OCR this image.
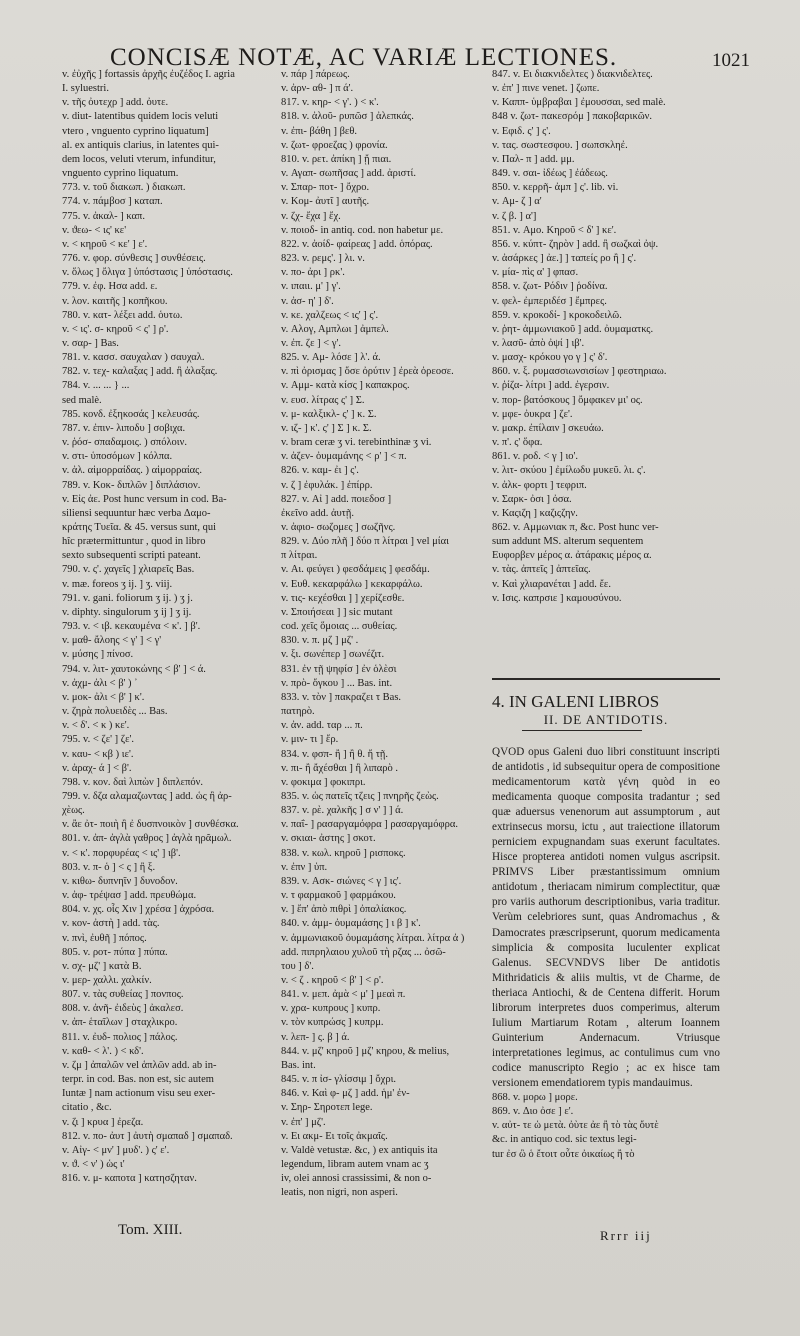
CONCISÆ NOTÆ, AC VARIÆ LECTIONES.	1021
v. ἐὐχῆς ] fortassis ἀρχῆς ἐυζέδος I. agria
I. syluestri.
v. τῆς ὀυτεχρ ] add. ὀυτε.
v. diut- latentibus quidem locis veluti
vtero , vnguento cyprino liquatum]
al. ex antiquis clarius, in latentes qui-
dem locos, veluti vterum, infunditur,
vnguento cyprino liquatum.
773. v. τοῦ διακωπ. ) διακωπ.
774. v. πάμβοσ ] καταπ.
775. v. ἀκαλ- ] καπ.
v. ϑεω- < ις' κε'
v. < κηροῦ < κε' ] ε'.
776. v. φορ. σύνθεσις ] συνθέσεις.
v. ὅλως ] ὄλιγα ] ὑπόστασις ] ὑπόστασις.
779. v. ἐφ. Ησα add. ε.
v. λον. καιτῆς ] κοπῆκου.
780. v. κατ- λέξει add. ὁυτω.
v. < ις'. σ- κηροῦ < ς' ] ρ'.
v. σαρ- ] Bas.
781. v. κασσ. σαυχαλαν ) σαυχαλ.
782. v. τεχ- καλαξας ] add. ἢ ἀλαξας.
784. v. ... ... } ...
sed malè.
785. κονδ. ἐξηκοσάς ] κελευσάς.
787. v. ἐπιν- λιποδυ ] σοβιχα.
v. ῥόσ- σπαδαμοις. ) σπόλοιν.
v. στι- ὑποσόμων ] κόλπα.
v. ἀλ. αἱμορραίδας. ) αἱμορραίας.
789. v. Κοκ- διπλῶν ] διπλάσιον.
v. Εἰς ἀε. Post hunc versum in cod. Ba-
siliensi sequuntur hæc verba Δαμο-
κράτης Τυεῖα. & 45. versus sunt, qui
hîc prætermittuntur , quod in libro
sexto subsequenti scripti pateant.
790. v. ς'. χαγεῖς ] χλιαρεῖς Bas.
v. mæ. foreos ʒ ij. ] ʒ. viij.
791. v. gani. foliorum ʒ ij. ) ʒ j.
v. diphty. singulorum ʒ ij ] ʒ ij.
793. v. < ιβ. κεκαυμένα < κ'. ] β'.
v. μαθ- ἄλοης < γ' ] < γ'
v. μύσης ] πίνοσ.
794. v. λιτ- χαυτοκώνης < β' ] < ά.
v. ἀχμ- ἀλι < β' ) ᾽
v. μοκ- ἀλι < β' ] κ'.
v. ζηρὰ πολυειδὲς ... Bas.
v. < δ'. < κ ) κε'.
795. v. < ζε' ] ζε'.
v. καυ- < κβ ) ιε'.
v. ἀραχ- ά ] < β'.
798. v. κον. δαὶ λιπὼν ] διπλεπόν.
799. v. δζα αλαμαζωντας ] add. ὡς ἢ ἀρ-
χὲως.
v. ἂε ὀτ- ποιὴ ἢ ἐ δυσπνοικὸν ] συνθέσκα.
801. v. ἀπ- ἀγλὰ γαθρος ] ἀγλὰ ηρᾶμωλ.
v. < κ'. πορφυρέας < ις' ] ιβ'.
803. v. π- ὁ ] < ς ] ἢ ξ.
v. κιθω- δυπνηῖν ] δυνοδον.
v. ἀφ- τρέψασ ] add. πρευθώμα.
804. v. χς. οἷς Χιν ] χρέσα ] ἀχρόσα.
v. κον- ἀστὴ ] add. τὰς.
v. πνὶ, ἐυθῆ ] πόπος.
805. v. ροτ- πύπα ] πύπα.
v. σχ- μζ' ] κατὰ Β.
v. μερ- χαλλι. χαλκίν.
807. v. τὰς συθείας ] πονπος.
808. v. ἀνῆ- ἐιδεὺς ] ἀκαλεσ.
v. ἀπ- ἑταῖλων ] σταχλικρο.
811. v. ἐυδ- πολιος ] πάλος.
v. καθ- < λ'. ) < κδ'.
v. ζμ ] ἀπαλῶν vel ἁπλῶν add. ab in-
terpr. in cod. Bas. non est, sic autem
Iuntæ ] nam actionum visu seu exer-
citatio , &c.
v. ζι ] κρυα ] ἐρεζα.
812. v. πο- ἀυτ ] ἀυτὴ σμαπαδ ] σμαπαδ.
v. Αἰγ- < μν' ] μυδ'. ) ς' ε'.
v. ϑ. < ν' ) ὡς ι'
816. v. μ- καποτα ] κατησζηταν.
v. πάρ ] πάρεως.
v. ἀρν- αθ- ] π ά'.
817. v. κηρ- < γ'. ) < κ'.
818. v. ἀλοῦ- ρυπῶσ ] ἀλεπκάς.
v. ἐπι- βάθη ] βεθ.
v. ζωτ- φροεζας ) φρονία.
810. v. ρετ. ἀπίκη ] ᾔ πιαι.
v. Αγαπ- σωπῆσας ] add. ἀριστί.
v. Σπαρ- ποτ- ] ὄχρο.
v. Κομ- ἀυτῖ ] αυτῆς.
v. ζχ- ἔχα ] ἔχ.
v. ποιοδ- in antiq. cod. non habetur με.
822. v. ἀοίδ- φαίρεας ] add. ὁπόρας.
823. v. ρεμς'. ] λι. ν.
v. πο- ἀρι ] ρκ'.
v. ιπαιι. μ' ] γ'.
v. ἀσ- η' ] δ'.
v. κε. χαλζεως < ις' ] ς'.
v. Αλογ, Αμπλωι ] ἀμπελ.
v. ἐπ. ζε ] < γ'.
825. v. Αμ- λόσε ] λ'. ά.
v. πὶ ὀρισμας ] ὅσε ὀρύτιν ] ἐρεὰ ὀρεοσε.
v. Αμμ- κατὰ κίσς ] καπακρος.
v. ευσ. λίτρας ς' ] Σ.
v. μ- καλξικλ- ς' ] κ. Σ.
v. ιζ- ] κ'. ς' ] Σ ] κ. Σ.
v. bram ceræ ʒ vi. terebinthinæ ʒ vi.
v. ἀζεν- ὀυμαμάνης < ρ' ] < π.
826. v. καμ- ἐι ] ς'.
v. ζ ] ἐφυλάκ. ] ἐπίρρ.
827. v. Αἰ ] add. ποιεδοσ ]
ἐκεῖνο add. ἀυτῇ.
v. ἀφιο- σωζομες ] σωζῆνς.
829. v. Δύο πλῆ ] δύο π λίτραι ] vel μίαι
π λίτραι.
v. Αι. φεύγει ) φεσδάμεις ] φεσδάμ.
v. Ευθ. κεκαρφάλω ] κεκαρφάλω.
v. τις- κεχέσθαι ] ] χερίζεσθε.
v. Σποιήσεαι ] ] sic mutant
cod. χεῖς ὅμοιας ... συθείας.
830. v. π. μζ ] μζ' .
v. ξι. σωνέπερ ] σωνέζιτ.
831. ἐν τῇ ψηφίσ ] ἐν ὁλὲσι
v. πρὸ- ὄγκου ] ... Bas. int.
833. v. τὸν ] πακραζει τ Bas.
πατηρὸ.
v. ἀν. add. ταρ ... π.
v. μιν- τι ] ἔρ.
834. v. φσπ- ἢ ] ἢ θ. ἤ τῇ.
v. πι- ἢ ἄχέσθαι ] ἢ λιπαρὸ .
v. φοκιμα ] φοκιπρι.
835. v. ὡς πατεῖς τζεις ] πνηρῆς ζεὼς.
837. v. ρὲ. χαλκῆς ] σ ν' ] ] ά.
v. παΐ- ] ρασαργαμόφρα ] ρασαργαμόφρα.
v. σκιαι- ἀστης ] σκοτ.
838. v. κωλ. κηροῦ ] ρισποκς.
v. ἐπν ] ὑπ.
839. v. Ασκ- σιώνες < γ ] ις'.
v. τ φαρμακοῦ ] φαρμάκου.
v. ] ἔπ' ἀπὸ πιθρὶ ] ὀπαλίακος.
840. v. ἀμμ- ὀυμαμάσης ] ι β ] κ'.
v. ἀμμωνιακοῦ ὀυμαμάσης λίτραι. λίτρα ἀ )
add. πιπρηλαιου χυλοῦ τὴ ρζας ... ὀσῶ-
του ] δ'.
v. < ζ . κηροῦ < β' ] < ρ'.
841. v. μεπ. ἀμὰ < μ' ] μεαὶ π.
v. χρα- κυπρους ] κυπρ.
v. τὸν κυπρώσς ] κυπρμ.
v. λεπ- ] ς. β ] ά.
844. v. μζ' κηροῦ ] μζ' κηρου, & melius,
Bas. int.
845. v. π ἰσ- γλίσσιμ ] ὄχρι.
846. v. Καὶ φ- μζ ] add. ἡμ' ἐν-
v. Σηρ- Σηροτεπ lege.
v. ἐπ' ] μζ'.
v. Ει ακμ- Ει τοῖς ἀκμαῖς.
v. Valdè vetustæ. &c, ) ex antiquis ita
legendum, libram autem vnam ac ʒ
iv, olei annosi crassissimi, & non o-
leatis, non nigri, non asperi.
847. v. Ει διακνιδελτες ) διακνιδελτες.
v. ἐπ' ] πινε venet. ] ζωπε.
v. Καππ- ὑμβραβαι ] ἐμουσσαι, sed malè.
848 v. ζωτ- πακεσρόμ ] πακοβαρικῶν.
v. Εφιδ. ς' ] ς'.
v. τας. σωστεσφου. ] σωπσκληἐ.
v. Παλ- π ] add. μμ.
849. v. σαι- ἰδέως ] ἐάδεως.
850. v. κερρῆ- ἀμπ ] ς'. lib. vi.
v. Αμ- ζ ] α'
v. ζ β. ] α']
851. v. Αμο. Κηροῦ < δ' ] κε'.
856. v. κύπτ- ζηρὸν ] add. ἢ σωζκαὶ ὀψ.
v. ἀσάρκες ] ἀε.] ] ταπείς ρο ἢ ] ς'.
v. μία- πὶς α' ] φπασ.
858. v. ζωτ- Ρόδιν ] ῥοδίνα.
v. φελ- ἐμπεριδέσ ] ἔμπρες.
859. v. κροκοδί- ] κροκοδειλῶ.
v. ῥητ- ἀμμωνιακοῦ ] add. ὀυμαματκς.
v. λασῦ- ἀπὸ ὀψί ] ιβ'.
v. μασχ- κρόκου γο γ ] ς' δ'.
860. v. ξ. ρυμασσιωνσισίων ] φεστηριαω.
v. ῥίζα- λίτρι ] add. ἐγερσιν.
v. πορ- βατόσκους ] ὄμφακεν μι' ος.
v. μφε- ὀυκρα ] ζε'.
v. μακρ. ἐπίλαιν ] σκευάω.
v. π'. ς' ὅφα.
861. v. ροδ. < γ ] ιο'.
v. λιτ- σκύου ] ἐμίλωδυ μυκεῦ. λι. ς'.
v. ἀλκ- φορτι ] τεφριπ.
v. Σαρκ- ὀσι ] ὀσα.
v. Καςιζη ] καζιςζην.
862. v. Αμμωνιακ π, &c. Post hunc ver-
sum addunt MS. alterum sequentem
Ευφορβεν μέρος α. ἀτάρακις μέρος α.
v. τὰς. ἀπτεῖς ] ἀπτεῖας.
v. Καὶ χλιαρανέται ] add. ἔε.
v. Ισις. καπρσιε ] καμουσύνου.
4. IN GALENI LIBROS
II. DE ANTIDOTIS.
QVOD opus Galeni duo libri constituunt inscripti de antidotis , id subsequitur opera de compositione medicamentorum κατὰ γένη quòd in eo medicamenta quoque composita tradantur ; sed quæ aduersus venenorum aut assumptorum , aut extrinsecus morsu, ictu , aut traiectione illatorum perniciem expugnandam suas exerunt facultates. Hisce propterea antidoti nomen vulgus ascripsit. PRIMVS Liber præstantissimum omnium antidotum , theriacam nimirum complectitur, quæ pro variis authorum descriptionibus, varia traditur. Verùm celebriores sunt, quas Andromachus , & Damocrates præscripserunt, quorum medicamenta simplicia & composita luculenter explicat Galenus. SECVNDVS liber De antidotis Mithridaticis & aliis multis, vt de Charme, de theriaca Antiochi, & de Centena differit. Horum librorum interpretes duos comperimus, alterum Iulium Martiarum Rotam , alterum Ioannem Guinterium Andernacum. Vtriusque interpretationes legimus, ac contulimus cum vno codice manuscripto Regio ; ac ex hisce tam versionem emendatiorem typis mandauimus.
868. v. μορω ] μορε.
869. v. Διο ὀσε ] ε'.
v. αὐτ- τε ὡ μετὰ. ὀὺτε ἀε ἢ τὸ τὰς ὄυτὲ
&c. in antiquo cod. sic textus legi-
tur ἐσ ὢ ὁ ἔτοιτ οὖτε ὀικαίως ἢ τὸ
Tom. XIII.	Rrrr iij
